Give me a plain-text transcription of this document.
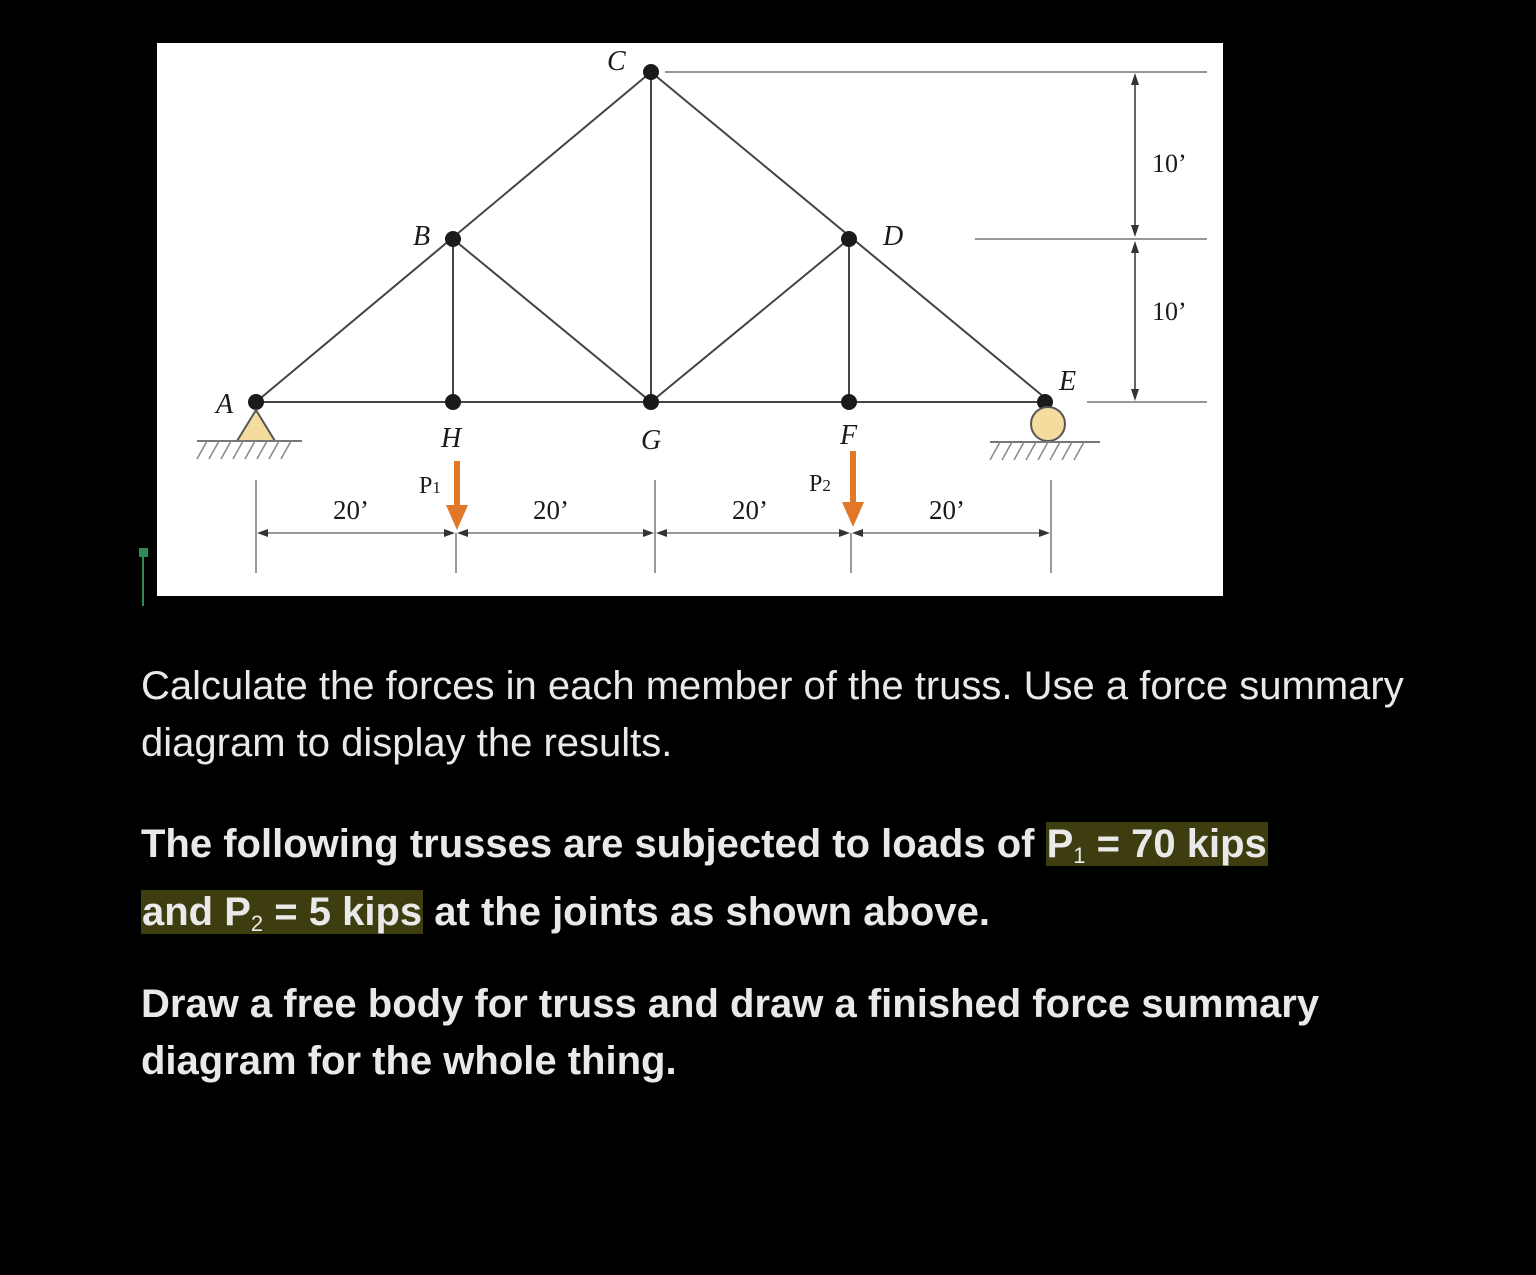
10’
10’
A
B
C
D
E
F
G
H
P1	P2
20’	20’	20’	20’

Calculate the forces in each member of the truss. Use a force summary diagram to display the results.

The following trusses are subjected to loads of $P_1 = 70$ kips
and $P_2 = 5$ kips at the joints as shown above.

Draw a free body for truss and draw a finished force summary diagram for the whole thing.
